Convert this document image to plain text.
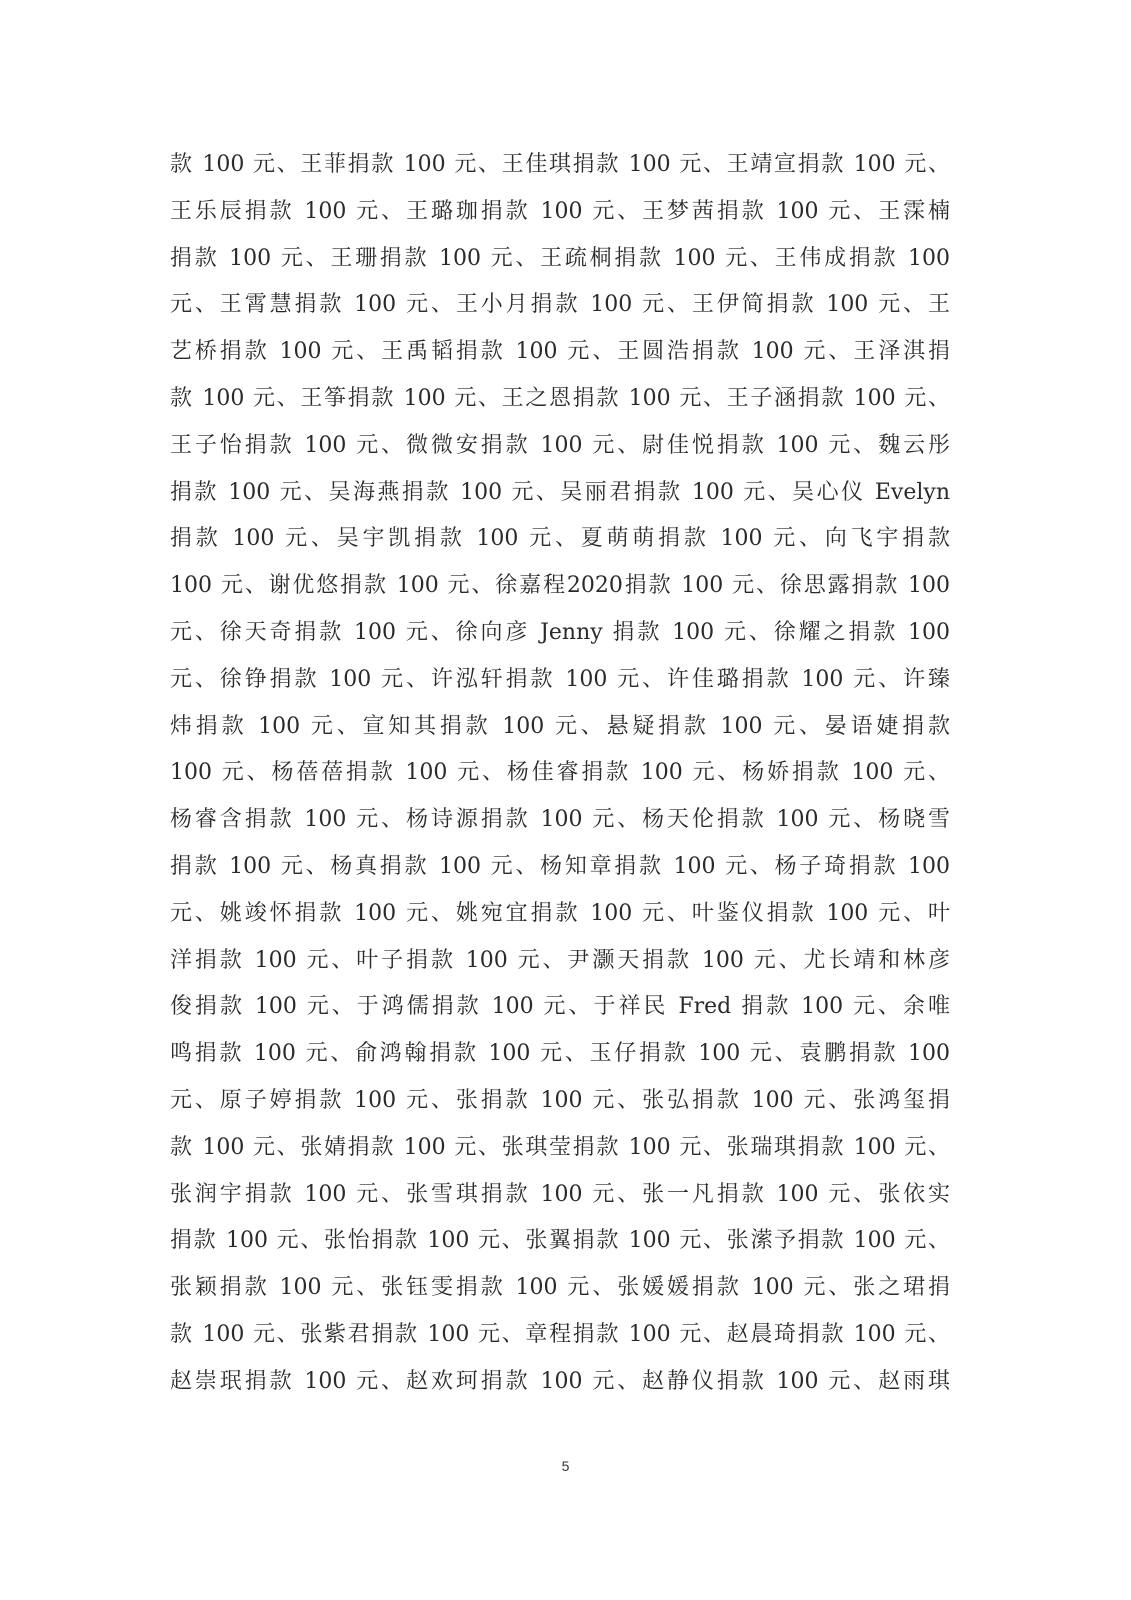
款 100 元、王菲捐款 100 元、王佳琪捐款 100 元、王靖宣捐款 100 元、
王乐辰捐款 100 元、王璐珈捐款 100 元、王梦茜捐款 100 元、王霂楠
捐款 100 元、王珊捐款 100 元、王疏桐捐款 100 元、王伟成捐款 100
元、王霄慧捐款 100 元、王小月捐款 100 元、王伊简捐款 100 元、王
艺桥捐款 100 元、王禹韬捐款 100 元、王圆浩捐款 100 元、王泽淇捐
款 100 元、王筝捐款 100 元、王之恩捐款 100 元、王子涵捐款 100 元、
王子怡捐款 100 元、微微安捐款 100 元、尉佳悦捐款 100 元、魏云彤
捐款 100 元、吴海燕捐款 100 元、吴丽君捐款 100 元、吴心仪 Evelyn
捐款 100 元、吴宇凯捐款 100 元、夏萌萌捐款 100 元、向飞宇捐款
100 元、谢优悠捐款 100 元、徐嘉程2020捐款 100 元、徐思露捐款 100
元、徐天奇捐款 100 元、徐向彦 Jenny 捐款 100 元、徐耀之捐款 100
元、徐铮捐款 100 元、许泓轩捐款 100 元、许佳璐捐款 100 元、许臻
炜捐款 100 元、宣知其捐款 100 元、悬疑捐款 100 元、晏语婕捐款
100 元、杨蓓蓓捐款 100 元、杨佳睿捐款 100 元、杨娇捐款 100 元、
杨睿含捐款 100 元、杨诗源捐款 100 元、杨天伦捐款 100 元、杨晓雪
捐款 100 元、杨真捐款 100 元、杨知章捐款 100 元、杨子琦捐款 100
元、姚竣怀捐款 100 元、姚宛宜捐款 100 元、叶鉴仪捐款 100 元、叶
洋捐款 100 元、叶子捐款 100 元、尹灏天捐款 100 元、尤长靖和林彦
俊捐款 100 元、于鸿儒捐款 100 元、于祥民 Fred 捐款 100 元、余唯
鸣捐款 100 元、俞鸿翰捐款 100 元、玉仔捐款 100 元、袁鹏捐款 100
元、原子婷捐款 100 元、张捐款 100 元、张弘捐款 100 元、张鸿玺捐
款 100 元、张婧捐款 100 元、张琪莹捐款 100 元、张瑞琪捐款 100 元、
张润宇捐款 100 元、张雪琪捐款 100 元、张一凡捐款 100 元、张依实
捐款 100 元、张怡捐款 100 元、张翼捐款 100 元、张潆予捐款 100 元、
张颖捐款 100 元、张钰雯捐款 100 元、张媛媛捐款 100 元、张之珺捐
款 100 元、张紫君捐款 100 元、章程捐款 100 元、赵晨琦捐款 100 元、
赵崇珉捐款 100 元、赵欢珂捐款 100 元、赵静仪捐款 100 元、赵雨琪
5
